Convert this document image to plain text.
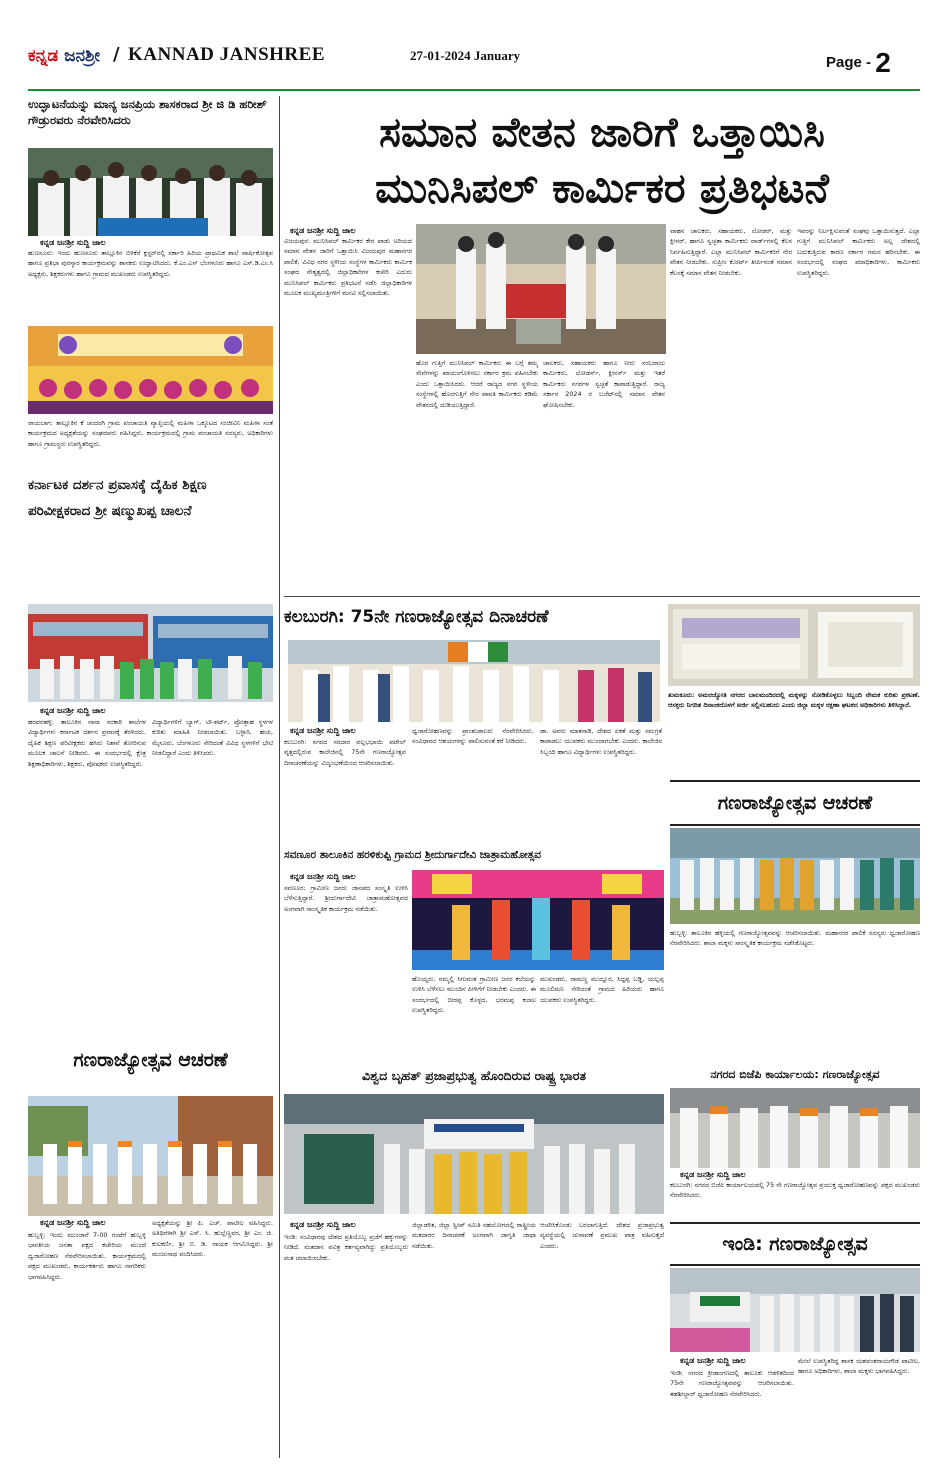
ಕನ್ನಡ ಜನಶ್ರೀ / KANNAD JANSHREE	27-01-2024 January	Page - 2
ಉದ್ಘಾಟನೆಯನ್ನು ಮಾನ್ಯ ಜನಪ್ರಿಯ ಶಾಸಕರಾದ ಶ್ರೀ ಜಿ ಡಿ ಹರೀಶ್ ಗೌಡ್ರುರವರು ನೆರವೇರಿಸಿದರು
ಕನ್ನಡ ಜನಶ್ರೀ ಸುದ್ದಿ ಜಾಲ
ಹುಣಸೂರು: ಇಂದು ಹುಣಸೂರು ತಾಲ್ಲೂಕಿನ ಬಿಳಿಕೆರೆ ಕ್ಲಸ್ಟರ್‌ನಲ್ಲಿ ಸರ್ಕಾರಿ ಹಿರಿಯ ಪ್ರಾಥಮಿಕ ಶಾಲೆ ವಾರ್ಷಿಕೋತ್ಸವ ಹಾಗೂ ಪ್ರತಿಭಾ ಪುರಸ್ಕಾರ ಕಾರ್ಯಕ್ರಮವನ್ನು ಶಾಸಕರು ಉದ್ಘಾಟಿಸಿದರು. ಕೆ.ಎಂ.ಎಸ್ ಬೆಂಗಳೂರು ಹಾಗೂ ಎಸ್.ಡಿ.ಎಂ.ಸಿ ಅಧ್ಯಕ್ಷರು, ಶಿಕ್ಷಕರುಗಳು ಹಾಗೂ ಗ್ರಾಮದ ಮುಖಂಡರು ಉಪಸ್ಥಿತರಿದ್ದರು.
ರಾಯಬಾಗ: ತಾಲ್ಲೂಕಿನ ಕೆ ಚಂದರಗಿ ಗ್ರಾಮ ಪಂಚಾಯತಿ ವ್ಯಾಪ್ತಿಯಲ್ಲಿ ಮಹಿಳಾ ಒಕ್ಕೂಟದ ಸಂಜೀವಿನಿ ಮಹಿಳಾ ಸಂತೆ ಕಾರ್ಯಕ್ರಮದ ಅಧ್ಯಕ್ಷತೆಯನ್ನು ಸಂಘದವರು ವಹಿಸಿದ್ದರು. ಕಾರ್ಯಕ್ರಮದಲ್ಲಿ ಗ್ರಾಮ ಪಂಚಾಯತಿ ಸದಸ್ಯರು, ಅಧಿಕಾರಿಗಳು ಹಾಗೂ ಗ್ರಾಮಸ್ಥರು ಉಪಸ್ಥಿತರಿದ್ದರು.
ಕರ್ನಾಟಕ ದರ್ಶನ ಪ್ರವಾಸಕ್ಕೆ ದೈಹಿಕ ಶಿಕ್ಷಣ ಪರಿವೀಕ್ಷಕರಾದ ಶ್ರೀ ಷಣ್ಮುಖಪ್ಪ ಚಾಲನೆ
ಕನ್ನಡ ಜನಶ್ರೀ ಸುದ್ದಿ ಜಾಲ
ಹರಪನಹಳ್ಳಿ: ತಾಲೂಕಿನ ನಾನಾ ಸರಕಾರಿ ಶಾಲೆಗಳ ವಿದ್ಯಾರ್ಥಿಗಳು ಕರ್ನಾಟಕ ದರ್ಶನ ಪ್ರವಾಸಕ್ಕೆ ತೆರಳಿದರು. ದೈಹಿಕ ಶಿಕ್ಷಣ ಪರಿವೀಕ್ಷಕರು ಹಸಿರು ನಿಶಾನೆ ತೋರಿಸುವ ಮೂಲಕ ಚಾಲನೆ ನೀಡಿದರು. ಈ ಸಂದರ್ಭದಲ್ಲಿ ಕ್ಷೇತ್ರ ಶಿಕ್ಷಣಾಧಿಕಾರಿಗಳು, ಶಿಕ್ಷಕರು, ಪೋಷಕರು ಉಪಸ್ಥಿತರಿದ್ದರು.
ವಿದ್ಯಾರ್ಥಿಗಳಿಗೆ ಬ್ಯಾಗ್, ಟೀ-ಶರ್ಟ್, ಪ್ರೋತ್ಸಾಹ ಸ್ಥಳಗಳ ಕುರಿತು ಮಾಹಿತಿ ನೀಡಲಾಯಿತು. ಬಳ್ಳಾರಿ, ಹಂಪಿ, ಮೈಸೂರು, ಬೆಂಗಳೂರು ಸೇರಿದಂತೆ ವಿವಿಧ ಸ್ಥಳಗಳಿಗೆ ಭೇಟಿ ನೀಡಲಿದ್ದಾರೆ ಎಂದು ತಿಳಿಸಿದರು.
ಗಣರಾಜ್ಯೋತ್ಸವ ಆಚರಣೆ
ಕನ್ನಡ ಜನಶ್ರೀ ಸುದ್ದಿ ಜಾಲ
ಹುಬ್ಬಳ್ಳಿ: ಇಂದು ಮುಂಜಾನೆ 7-00 ಗಂಟೆಗೆ ಹುಬ್ಬಳ್ಳಿ ಭಾರತೀಯ ಜನತಾ ಪಕ್ಷದ ಕಚೇರಿಯ ಮುಂದೆ ಧ್ವಜಾರೋಹಣ ನೆರವೇರಿಸಲಾಯಿತು. ಕಾರ್ಯಕ್ರಮದಲ್ಲಿ ಪಕ್ಷದ ಮುಖಂಡರು, ಕಾರ್ಯಕರ್ತರು ಹಾಗೂ ನಾಗರಿಕರು ಭಾಗವಹಿಸಿದ್ದರು.
ಅಧ್ಯಕ್ಷತೆಯನ್ನು ಶ್ರೀ ಪಿ. ಎಚ್. ಪಾಟೀಲ ವಹಿಸಿದ್ದರು. ಅತಿಥಿಗಳಾಗಿ ಶ್ರೀ ಎಸ್. ಸಿ. ಹುಲ್ಲೆಣ್ಣವರ, ಶ್ರೀ ಎಂ. ಜಿ. ಕುಲಕರ್ಣಿ, ಶ್ರೀ ಬಿ. ಡಿ. ನಾಯಕ ಆಗಮಿಸಿದ್ದರು. ಶ್ರೀ ಮಂಜುನಾಥ ವಂದಿಸಿದರು.
ಸಮಾನ ವೇತನ ಜಾರಿಗೆ ಒತ್ತಾಯಿಸಿ
ಮುನಿಸಿಪಲ್ ಕಾರ್ಮಿಕರ ಪ್ರತಿಭಟನೆ
ಕನ್ನಡ ಜನಶ್ರೀ ಸುದ್ದಿ ಜಾಲ
ವಿಜಯಪುರ: ಮುನಿಸಿಪಲ್ ಕಾರ್ಮಿಕರ ಕೇರ ಪಾಡು ಅರಿಯದ ಸಮಾನ ವೇತನ ಜಾರಿಗೆ ಒತ್ತಾಯಿಸಿ ವಿಜಯಪುರ ಮಹಾನಗರ ಪಾಲಿಕೆ, ವಿವಿಧ ನಗರ ಸ್ಥಳೀಯ ಸಂಸ್ಥೆಗಳ ಕಾರ್ಮಿಕರು ಕಾರ್ಮಿಕ ಸಂಘದ ನೇತೃತ್ವದಲ್ಲಿ ಜಿಲ್ಲಾಧಿಕಾರಿಗಳ ಕಚೇರಿ ಎದುರು ಮುನಿಸಿಪಲ್ ಕಾರ್ಮಿಕರು ಪ್ರತಿಭಟನೆ ನಡೆಸಿ ಜಿಲ್ಲಾಧಿಕಾರಿಗಳ ಮೂಲಕ ಮುಖ್ಯಮಂತ್ರಿಗಳಿಗೆ ಮನವಿ ಸಲ್ಲಿಸಲಾಯಿತು.
ಹೊರ ಗುತ್ತಿಗೆ ಮುನಿಸಿಪಲ್ ಕಾರ್ಮಿಕರು ಈ ಬಗ್ಗೆ ತಮ್ಮ ಸೇವೆಗಳನ್ನು ಖಾಯಂಗೊಳಿಸಲು ಸರ್ಕಾರ ಕ್ರಮ ವಹಿಸಬೇಕು ಎಂದು ಒತ್ತಾಯಿಸಿದರು. ಆದರೆ ರಾಜ್ಯದ ನಗರ ಸ್ಥಳೀಯ ಸಂಸ್ಥೆಗಳಲ್ಲಿ ಹೊರಗುತ್ತಿಗೆ ನೇರ ಪಾವತಿ ಕಾರ್ಮಿಕರು ಕಡಿಮೆ ವೇತನದಲ್ಲಿ ದುಡಿಯುತ್ತಿದ್ದಾರೆ.
ಚಾಲಕರು, ಸಹಾಯಕರು ಹಾಗೂ ನೀರು ಸರಬರಾಜು ಕಾರ್ಮಿಕರು, ಲೋಡರ್ಸ್, ಕ್ಲೀನರ್ಸ್ ಮತ್ತು ಇತರೆ ಕಾರ್ಮಿಕರು ನಗರಗಳ ಸ್ವಚ್ಛತೆ ಕಾಪಾಡುತ್ತಿದ್ದಾರೆ. ರಾಜ್ಯ ಸರ್ಕಾರ 2024 ರ ಬಜೆಟ್‌ನಲ್ಲಿ ಸಮಾನ ವೇತನ ಘೋಷಿಸಬೇಕು.
ವಾಹನ ಚಾಲಕರು, ಸಹಾಯಕರು, ಲೋಡರ್, ಮತ್ತು ಕ್ಲೀನರ್, ಹಾಗೂ ಸ್ವಚ್ಛತಾ ಕಾರ್ಮಿಕರು ವಾರ್ಡ್‌ಗಳಲ್ಲಿ ಕೆಲಸ ನಿರ್ವಹಿಸುತ್ತಿದ್ದಾರೆ. ಎಲ್ಲಾ ಮುನಿಸಿಪಲ್ ಕಾರ್ಮಿಕರಿಗೆ ನೇರ ವೇತನ ನೀಡಬೇಕು. ಸುಪ್ರೀಂ ಕೋರ್ಟ್ ತೀರ್ಪಿನಂತೆ ಸಮಾನ ಕೆಲಸಕ್ಕೆ ಸಮಾನ ವೇತನ ನೀಡಬೇಕು.
ಇವರನ್ನು ನಿರ್ಲಕ್ಷಿಸುವಂತೆ ಸಂಘವು ಒತ್ತಾಯಿಸುತ್ತದೆ. ಎಲ್ಲಾ ಗುತ್ತಿಗೆ ಮುನಿಸಿಪಲ್ ಕಾರ್ಮಿಕರು ಅಲ್ಲ ದೇಶದಲ್ಲಿ ಬದುಕುತ್ತಿರುವ ಕಾರಣ ಸರ್ಕಾರ ಗಮನ ಹರಿಸಬೇಕು. ಈ ಸಂದರ್ಭದಲ್ಲಿ ಸಂಘದ ಪದಾಧಿಕಾರಿಗಳು, ಕಾರ್ಮಿಕರು ಉಪಸ್ಥಿತರಿದ್ದರು.
ಕಲಬುರಗಿ: 75ನೇ ಗಣರಾಜ್ಯೋತ್ಸವ ದಿನಾಚರಣೆ
ಕನ್ನಡ ಜನಶ್ರೀ ಸುದ್ದಿ ಜಾಲ
ಕಲಬುರಗಿ: ನಗರದ ಸರದಾರ ವಲ್ಲಭಭಾಯಿ ಪಟೇಲ್ ವೃತ್ತದಲ್ಲಿರುವ ಕಾಲೇಜಿನಲ್ಲಿ 75ನೇ ಗಣರಾಜ್ಯೋತ್ಸವ ದಿನಾಚರಣೆಯನ್ನು ವಿಜೃಂಭಣೆಯಿಂದ ಆಚರಿಸಲಾಯಿತು.
ಧ್ವಜಾರೋಹಣವನ್ನು ಪ್ರಾಂಶುಪಾಲರು ನೆರವೇರಿಸಿದರು. ಸಂವಿಧಾನದ ಆಶಯಗಳನ್ನು ಪಾಲಿಸುವಂತೆ ಕರೆ ನೀಡಿದರು.
ಡಾ. ಅವರು ಮಾತನಾಡಿ, ದೇಶದ ಏಕತೆ ಮತ್ತು ಸಮಗ್ರತೆ ಕಾಪಾಡಲು ಯುವಕರು ಮುಂದಾಗಬೇಕು ಎಂದರು. ಕಾಲೇಜಿನ ಸಿಬ್ಬಂದಿ ಹಾಗೂ ವಿದ್ಯಾರ್ಥಿಗಳು ಉಪಸ್ಥಿತರಿದ್ದರು.
ತುಮಕೂರು: ಅಮರಜ್ಯೋತಿ ನಗರದ ಬಾಲಮಂದಿರದಲ್ಲಿ ಮಕ್ಕಳನ್ನು ನೋಡಿಕೊಳ್ಳಲು ಸಿಬ್ಬಂದಿ ನೇಮಕ ಕುರಿತು ಪ್ರಕಟಣೆ. ಆಸಕ್ತರು ನಿಗದಿತ ದಿನಾಂಕದೊಳಗೆ ಅರ್ಜಿ ಸಲ್ಲಿಸಬಹುದು ಎಂದು ಜಿಲ್ಲಾ ಮಕ್ಕಳ ರಕ್ಷಣಾ ಘಟಕದ ಅಧಿಕಾರಿಗಳು ತಿಳಿಸಿದ್ದಾರೆ.
ಗಣರಾಜ್ಯೋತ್ಸವ ಆಚರಣೆ
ಹುಬ್ಬಳ್ಳಿ: ತಾಲೂಕಿನ ಹಳ್ಳಿಯಲ್ಲಿ ಗಣರಾಜ್ಯೋತ್ಸವವನ್ನು ಆಚರಿಸಲಾಯಿತು. ಮಹಾನಗರ ಪಾಲಿಕೆ ಸದಸ್ಯರು ಧ್ವಜಾರೋಹಣ ನೆರವೇರಿಸಿದರು. ಶಾಲಾ ಮಕ್ಕಳು ಸಾಂಸ್ಕೃತಿಕ ಕಾರ್ಯಕ್ರಮ ನಡೆಸಿಕೊಟ್ಟರು.
ಸವಣೂರ ತಾಲೂಕಿನ ಹರಳಿಕುಪ್ಪಿ ಗ್ರಾಮದ ಶ್ರೀದುರ್ಗಾದೇವಿ ಜಾತ್ರಾಮಹೋತ್ಸವ
ಕನ್ನಡ ಜನಶ್ರೀ ಸುದ್ದಿ ಜಾಲ
ಸವಣೂರ: ಗ್ರಾಮೀಣ ಜನರು ಜಾನಪದ ಸಂಸ್ಕೃತಿ ಉಳಿಸಿ ಬೆಳೆಸುತ್ತಿದ್ದಾರೆ. ಶ್ರೀದುರ್ಗಾದೇವಿ ಜಾತ್ರಾಮಹೋತ್ಸವದ ಅಂಗವಾಗಿ ಸಾಂಸ್ಕೃತಿಕ ಕಾರ್ಯಕ್ರಮ ನಡೆಯಿತು.
ಹೊಯ್ದರು. ನಮ್ಮಲ್ಲಿ ಸಿಗುವಂತ ಗ್ರಾಮೀಣ ಜನರ ಕಲೆಯನ್ನು ಉಳಿಸಿ ಬೆಳೆಸಲು ಮುಂದಿನ ಪೀಳಿಗೆಗೆ ನೀಡಬೇಕು ಎಂದರು. ಈ ಸಂದರ್ಭದಲ್ಲಿ ಬೀರಪ್ಪ ಕೊಳ್ಳದ, ಭರಮಪ್ಪ ಕಲಾಲ ಉಪಸ್ಥಿತರಿದ್ದರು.
ಮುಖಂಡರು, ರಾಮಣ್ಣ ಮುದ್ನೂರ, ಸಿದ್ದಪ್ಪ ಬಡ್ಡಿ, ಯಲ್ಲಪ್ಪ ಮೂಲಿಮನಿ ಸೇರಿದಂತೆ ಗ್ರಾಮದ ಹಿರಿಯರು ಹಾಗೂ ಯುವಕರು ಉಪಸ್ಥಿತರಿದ್ದರು.
ನಗರದ ಬಿಜೆಪಿ ಕಾರ್ಯಾಲಯ: ಗಣರಾಜ್ಯೋತ್ಸವ
ಕನ್ನಡ ಜನಶ್ರೀ ಸುದ್ದಿ ಜಾಲ
ಕಲಬುರಗಿ: ನಗರದ ಬಿಜೆಪಿ ಕಾರ್ಯಾಲಯದಲ್ಲಿ 75 ನೇ ಗಣರಾಜ್ಯೋತ್ಸವ ಪ್ರಯುಕ್ತ ಧ್ವಜಾರೋಹಣವನ್ನು ಪಕ್ಷದ ಮುಖಂಡರು ನೆರವೇರಿಸಿದರು.
ವಿಶ್ವದ ಬೃಹತ್ ಪ್ರಜಾಪ್ರಭುತ್ವ ಹೊಂದಿರುವ ರಾಷ್ಟ್ರ ಭಾರತ
ಕನ್ನಡ ಜನಶ್ರೀ ಸುದ್ದಿ ಜಾಲ
ಇಂಡಿ: ಸಂವಿಧಾನವು ದೇಶದ ಪ್ರತಿಯೊಬ್ಬ ಪ್ರಜೆಗೆ ಹಕ್ಕುಗಳನ್ನು ನೀಡಿದೆ. ಮತದಾನ ಪವಿತ್ರ ಕರ್ತವ್ಯವಾಗಿದ್ದು ಪ್ರತಿಯೊಬ್ಬರು ಮತ ಚಲಾಯಿಸಬೇಕು.
ಜಿಲ್ಲಾಡಳಿತ, ಜಿಲ್ಲಾ ಸ್ವೀಪ್ ಸಮಿತಿ ಸಹಯೋಗದಲ್ಲಿ ರಾಷ್ಟ್ರೀಯ ಮತದಾರರ ದಿನಾಚರಣೆ ಅಂಗವಾಗಿ ಜಾಗೃತಿ ಜಾಥಾ ನಡೆಯಿತು.
ಆಚರಿಸಿಕೊಂಡು ಬರಲಾಗುತ್ತಿದೆ. ದೇಶದ ಪ್ರಜಾಪ್ರಭುತ್ವ ವ್ಯವಸ್ಥೆಯಲ್ಲಿ ಚುನಾವಣೆ ಪ್ರಮುಖ ಪಾತ್ರ ವಹಿಸುತ್ತದೆ ಎಂದರು.	ಇಂಡಿ: ಗಣರಾಜ್ಯೋತ್ಸವ
ಕನ್ನಡ ಜನಶ್ರೀ ಸುದ್ದಿ ಜಾಲ
ಇಂಡಿ: ನಗರದ ಕ್ರೀಡಾಂಗಣದಲ್ಲಿ ತಾಲೂಕು ಆಡಳಿತದಿಂದ 75ನೇ ಗಣರಾಜ್ಯೋತ್ಸವವನ್ನು ಆಚರಿಸಲಾಯಿತು. ತಹಶೀಲ್ದಾರ್ ಧ್ವಜಾರೋಹಣ ನೆರವೇರಿಸಿದರು.
ಮೇಲೆ ಉಪಸ್ಥಿತರಿದ್ದ ಶಾಸಕ ಯಶವಂತರಾಯಗೌಡ ಪಾಟೀಲ, ಹಾಗೂ ಅಧಿಕಾರಿಗಳು, ಶಾಲಾ ಮಕ್ಕಳು ಭಾಗವಹಿಸಿದ್ದರು.
